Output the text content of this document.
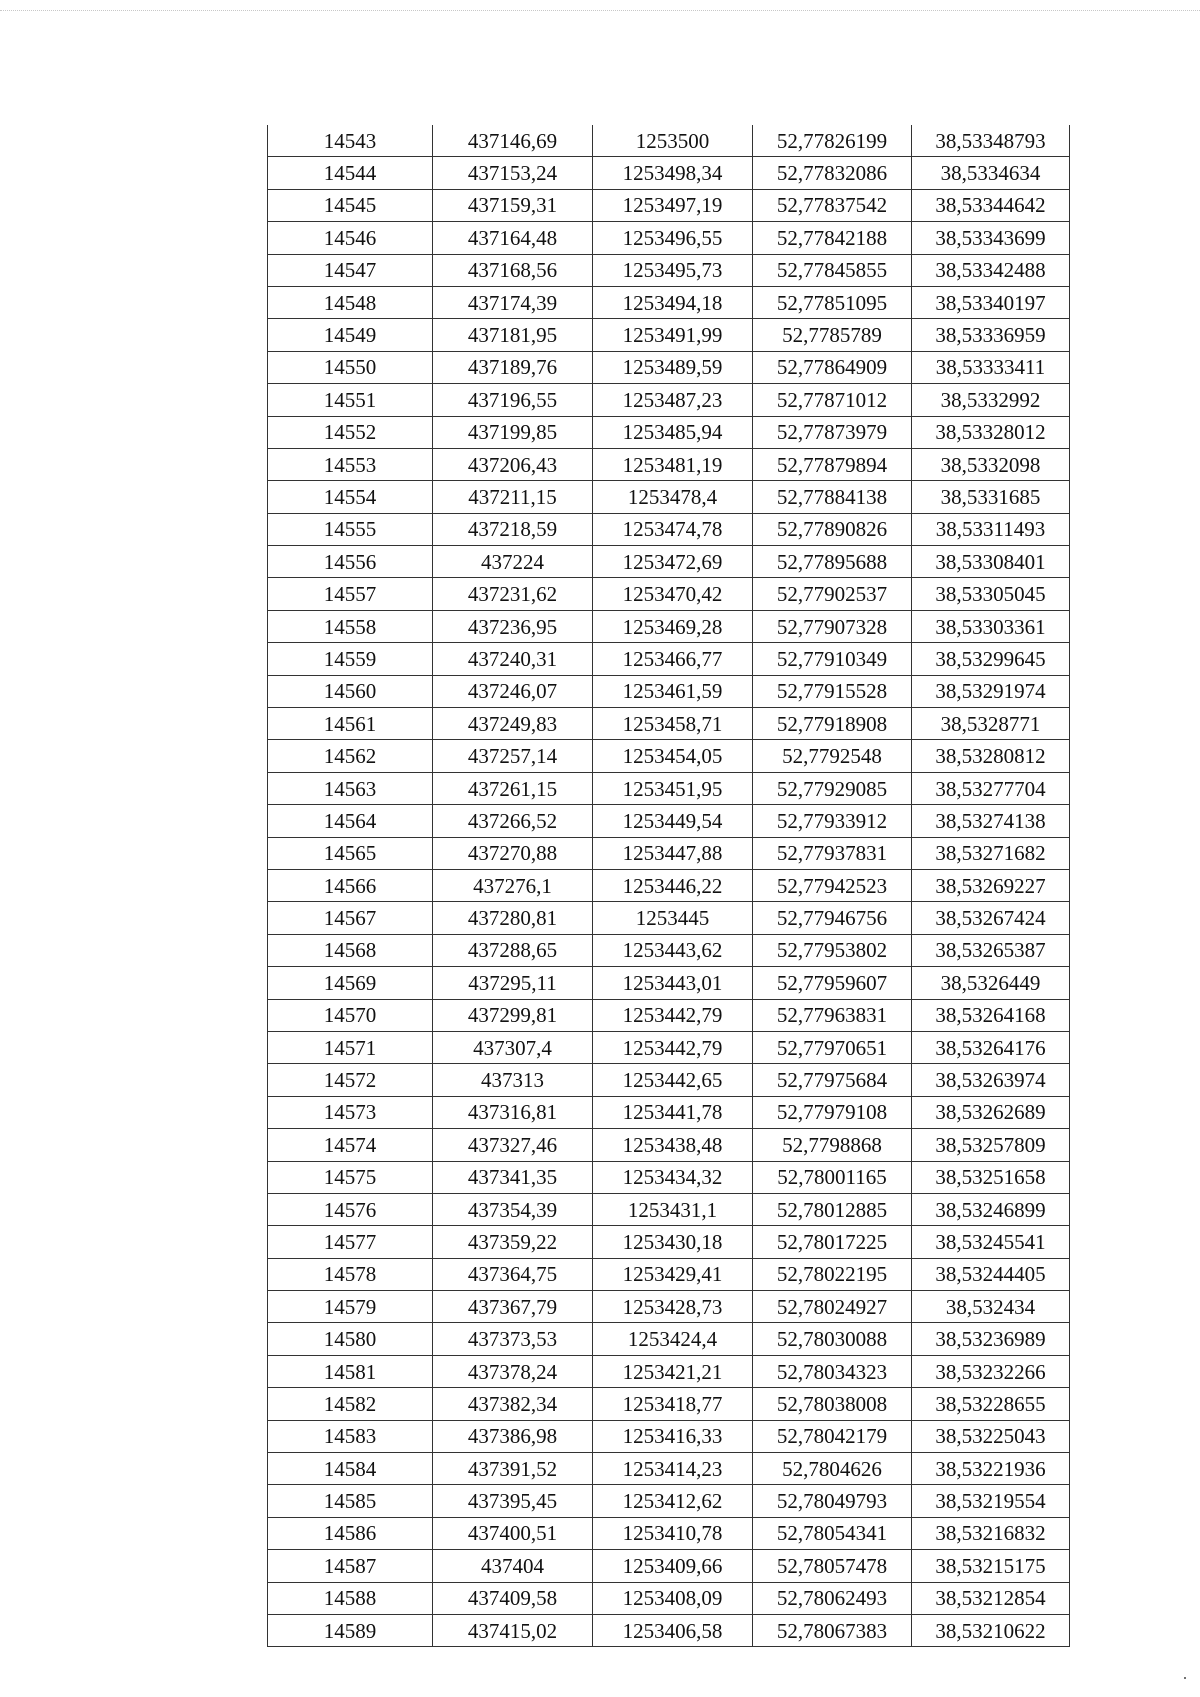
14543	437146,69	1253500	52,77826199	38,53348793
14544	437153,24	1253498,34	52,77832086	38,5334634
14545	437159,31	1253497,19	52,77837542	38,53344642
14546	437164,48	1253496,55	52,77842188	38,53343699
14547	437168,56	1253495,73	52,77845855	38,53342488
14548	437174,39	1253494,18	52,77851095	38,53340197
14549	437181,95	1253491,99	52,7785789	38,53336959
14550	437189,76	1253489,59	52,77864909	38,53333411
14551	437196,55	1253487,23	52,77871012	38,5332992
14552	437199,85	1253485,94	52,77873979	38,53328012
14553	437206,43	1253481,19	52,77879894	38,5332098
14554	437211,15	1253478,4	52,77884138	38,5331685
14555	437218,59	1253474,78	52,77890826	38,53311493
14556	437224	1253472,69	52,77895688	38,53308401
14557	437231,62	1253470,42	52,77902537	38,53305045
14558	437236,95	1253469,28	52,77907328	38,53303361
14559	437240,31	1253466,77	52,77910349	38,53299645
14560	437246,07	1253461,59	52,77915528	38,53291974
14561	437249,83	1253458,71	52,77918908	38,5328771
14562	437257,14	1253454,05	52,7792548	38,53280812
14563	437261,15	1253451,95	52,77929085	38,53277704
14564	437266,52	1253449,54	52,77933912	38,53274138
14565	437270,88	1253447,88	52,77937831	38,53271682
14566	437276,1	1253446,22	52,77942523	38,53269227
14567	437280,81	1253445	52,77946756	38,53267424
14568	437288,65	1253443,62	52,77953802	38,53265387
14569	437295,11	1253443,01	52,77959607	38,5326449
14570	437299,81	1253442,79	52,77963831	38,53264168
14571	437307,4	1253442,79	52,77970651	38,53264176
14572	437313	1253442,65	52,77975684	38,53263974
14573	437316,81	1253441,78	52,77979108	38,53262689
14574	437327,46	1253438,48	52,7798868	38,53257809
14575	437341,35	1253434,32	52,78001165	38,53251658
14576	437354,39	1253431,1	52,78012885	38,53246899
14577	437359,22	1253430,18	52,78017225	38,53245541
14578	437364,75	1253429,41	52,78022195	38,53244405
14579	437367,79	1253428,73	52,78024927	38,532434
14580	437373,53	1253424,4	52,78030088	38,53236989
14581	437378,24	1253421,21	52,78034323	38,53232266
14582	437382,34	1253418,77	52,78038008	38,53228655
14583	437386,98	1253416,33	52,78042179	38,53225043
14584	437391,52	1253414,23	52,7804626	38,53221936
14585	437395,45	1253412,62	52,78049793	38,53219554
14586	437400,51	1253410,78	52,78054341	38,53216832
14587	437404	1253409,66	52,78057478	38,53215175
14588	437409,58	1253408,09	52,78062493	38,53212854
14589	437415,02	1253406,58	52,78067383	38,53210622
